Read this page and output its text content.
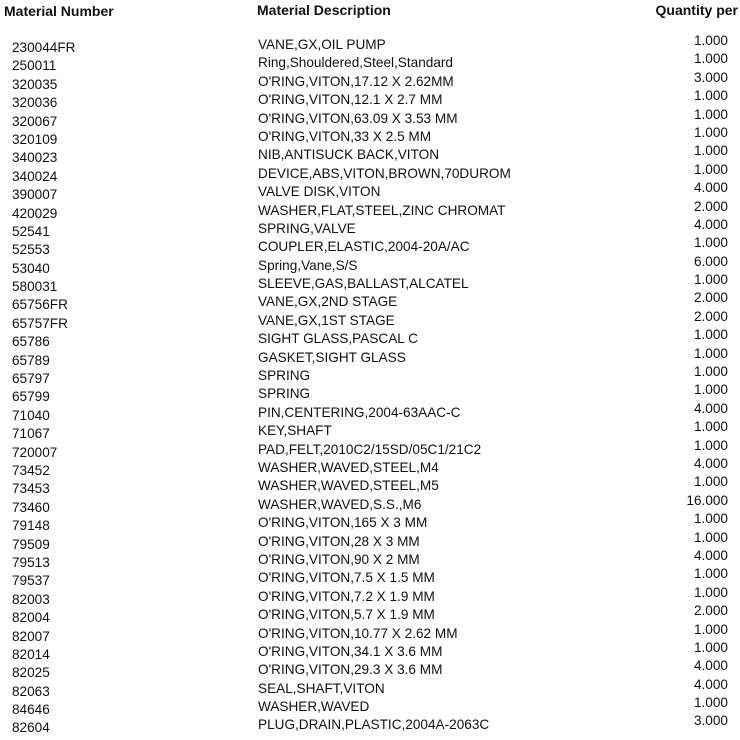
Material Number	Material Description	Quantity per
230044FR	VANE,GX,OIL PUMP	1.000
250011	Ring,Shouldered,Steel,Standard	1.000
320035	O'RING,VITON,17.12 X 2.62MM	3.000
320036	O'RING,VITON,12.1 X 2.7 MM	1.000
320067	O'RING,VITON,63.09 X 3.53 MM	1.000
320109	O'RING,VITON,33 X 2.5 MM	1.000
340023	NIB,ANTISUCK BACK,VITON	1.000
340024	DEVICE,ABS,VITON,BROWN,70DUROM	1.000
390007	VALVE DISK,VITON	4.000
420029	WASHER,FLAT,STEEL,ZINC CHROMAT	2.000
52541	SPRING,VALVE	4.000
52553	COUPLER,ELASTIC,2004-20A/AC	1.000
53040	Spring,Vane,S/S	6.000
580031	SLEEVE,GAS,BALLAST,ALCATEL	1.000
65756FR	VANE,GX,2ND STAGE	2.000
65757FR	VANE,GX,1ST STAGE	2.000
65786	SIGHT GLASS,PASCAL C	1.000
65789	GASKET,SIGHT GLASS	1.000
65797	SPRING	1.000
65799	SPRING	1.000
71040	PIN,CENTERING,2004-63AAC-C	4.000
71067	KEY,SHAFT	1.000
720007	PAD,FELT,2010C2/15SD/05C1/21C2	1.000
73452	WASHER,WAVED,STEEL,M4	4.000
73453	WASHER,WAVED,STEEL,M5	1.000
73460	WASHER,WAVED,S.S.,M6	16.000
79148	O'RING,VITON,165 X 3 MM	1.000
79509	O'RING,VITON,28 X 3 MM	1.000
79513	O'RING,VITON,90 X 2 MM	4.000
79537	O'RING,VITON,7.5 X 1.5 MM	1.000
82003	O'RING,VITON,7.2 X 1.9 MM	1.000
82004	O'RING,VITON,5.7 X 1.9 MM	2.000
82007	O'RING,VITON,10.77 X 2.62 MM	1.000
82014	O'RING,VITON,34.1 X 3.6 MM	1.000
82025	O'RING,VITON,29.3 X 3.6 MM	4.000
82063	SEAL,SHAFT,VITON	4.000
84646	WASHER,WAVED	1.000
82604	PLUG,DRAIN,PLASTIC,2004A-2063C	3.000
